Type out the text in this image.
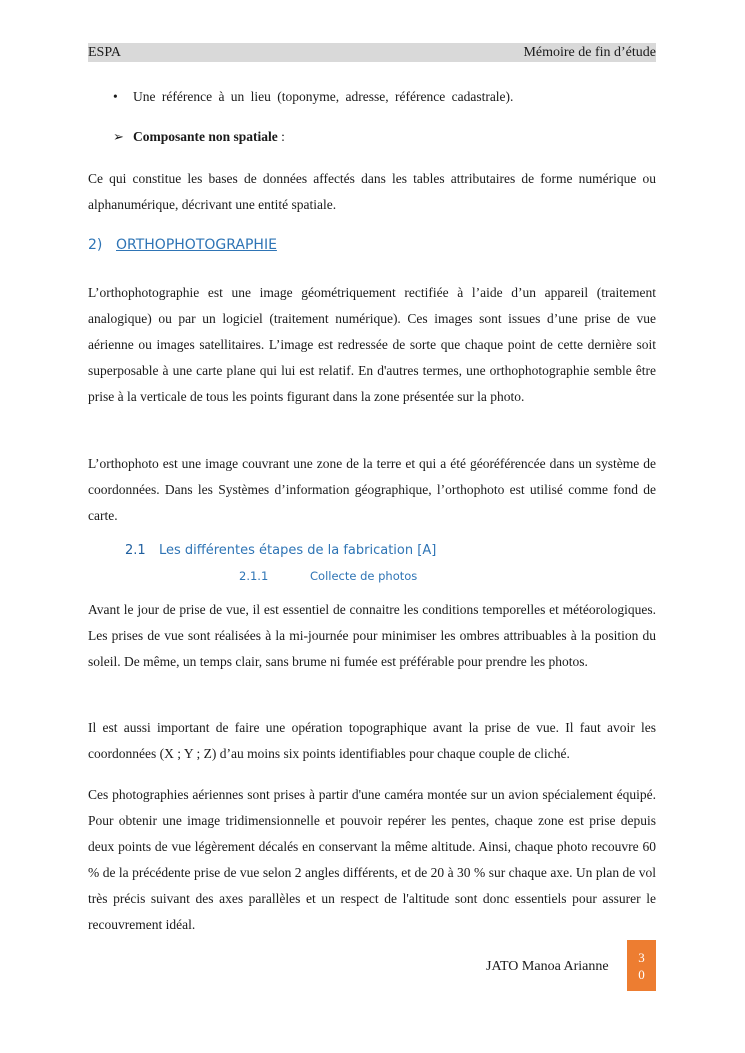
ESPA	Mémoire de fin d’étude
• Une référence à un lieu (toponyme, adresse, référence cadastrale).
➢ Composante non spatiale :
Ce qui constitue les bases de données affectés dans les tables attributaires de forme numérique ou alphanumérique, décrivant une entité spatiale.
2) ORTHOPHOTOGRAPHIE
L’orthophotographie est une image géométriquement rectifiée à l’aide d’un appareil (traitement analogique) ou par un logiciel (traitement numérique). Ces images sont issues d’une prise de vue aérienne ou images satellitaires. L’image est redressée de sorte que chaque point de cette dernière soit superposable à une carte plane qui lui est relatif. En d'autres termes, une orthophotographie semble être prise à la verticale de tous les points figurant dans la zone présentée sur la photo.
L’orthophoto est une image couvrant une zone de la terre et qui a été géoréférencée dans un système de coordonnées. Dans les Systèmes d’information géographique, l’orthophoto est utilisé comme fond de carte.
2.1 Les différentes étapes de la fabrication [A]
2.1.1	Collecte de photos
Avant le jour de prise de vue, il est essentiel de connaitre les conditions temporelles et météorologiques. Les prises de vue sont réalisées à la mi-journée pour minimiser les ombres attribuables à la position du soleil. De même, un temps clair, sans brume ni fumée est préférable pour prendre les photos.
Il est aussi important de faire une opération topographique avant la prise de vue. Il faut avoir les coordonnées (X ; Y ; Z) d’au moins six points identifiables pour chaque couple de cliché.
Ces photographies aériennes sont prises à partir d'une caméra montée sur un avion spécialement équipé. Pour obtenir une image tridimensionnelle et pouvoir repérer les pentes, chaque zone est prise depuis deux points de vue légèrement décalés en conservant la même altitude. Ainsi, chaque photo recouvre 60 % de la précédente prise de vue selon 2 angles différents, et de 20 à 30 % sur chaque axe. Un plan de vol très précis suivant des axes parallèles et un respect de l'altitude sont donc essentiels pour assurer le recouvrement idéal.
JATO Manoa Arianne
3
0
